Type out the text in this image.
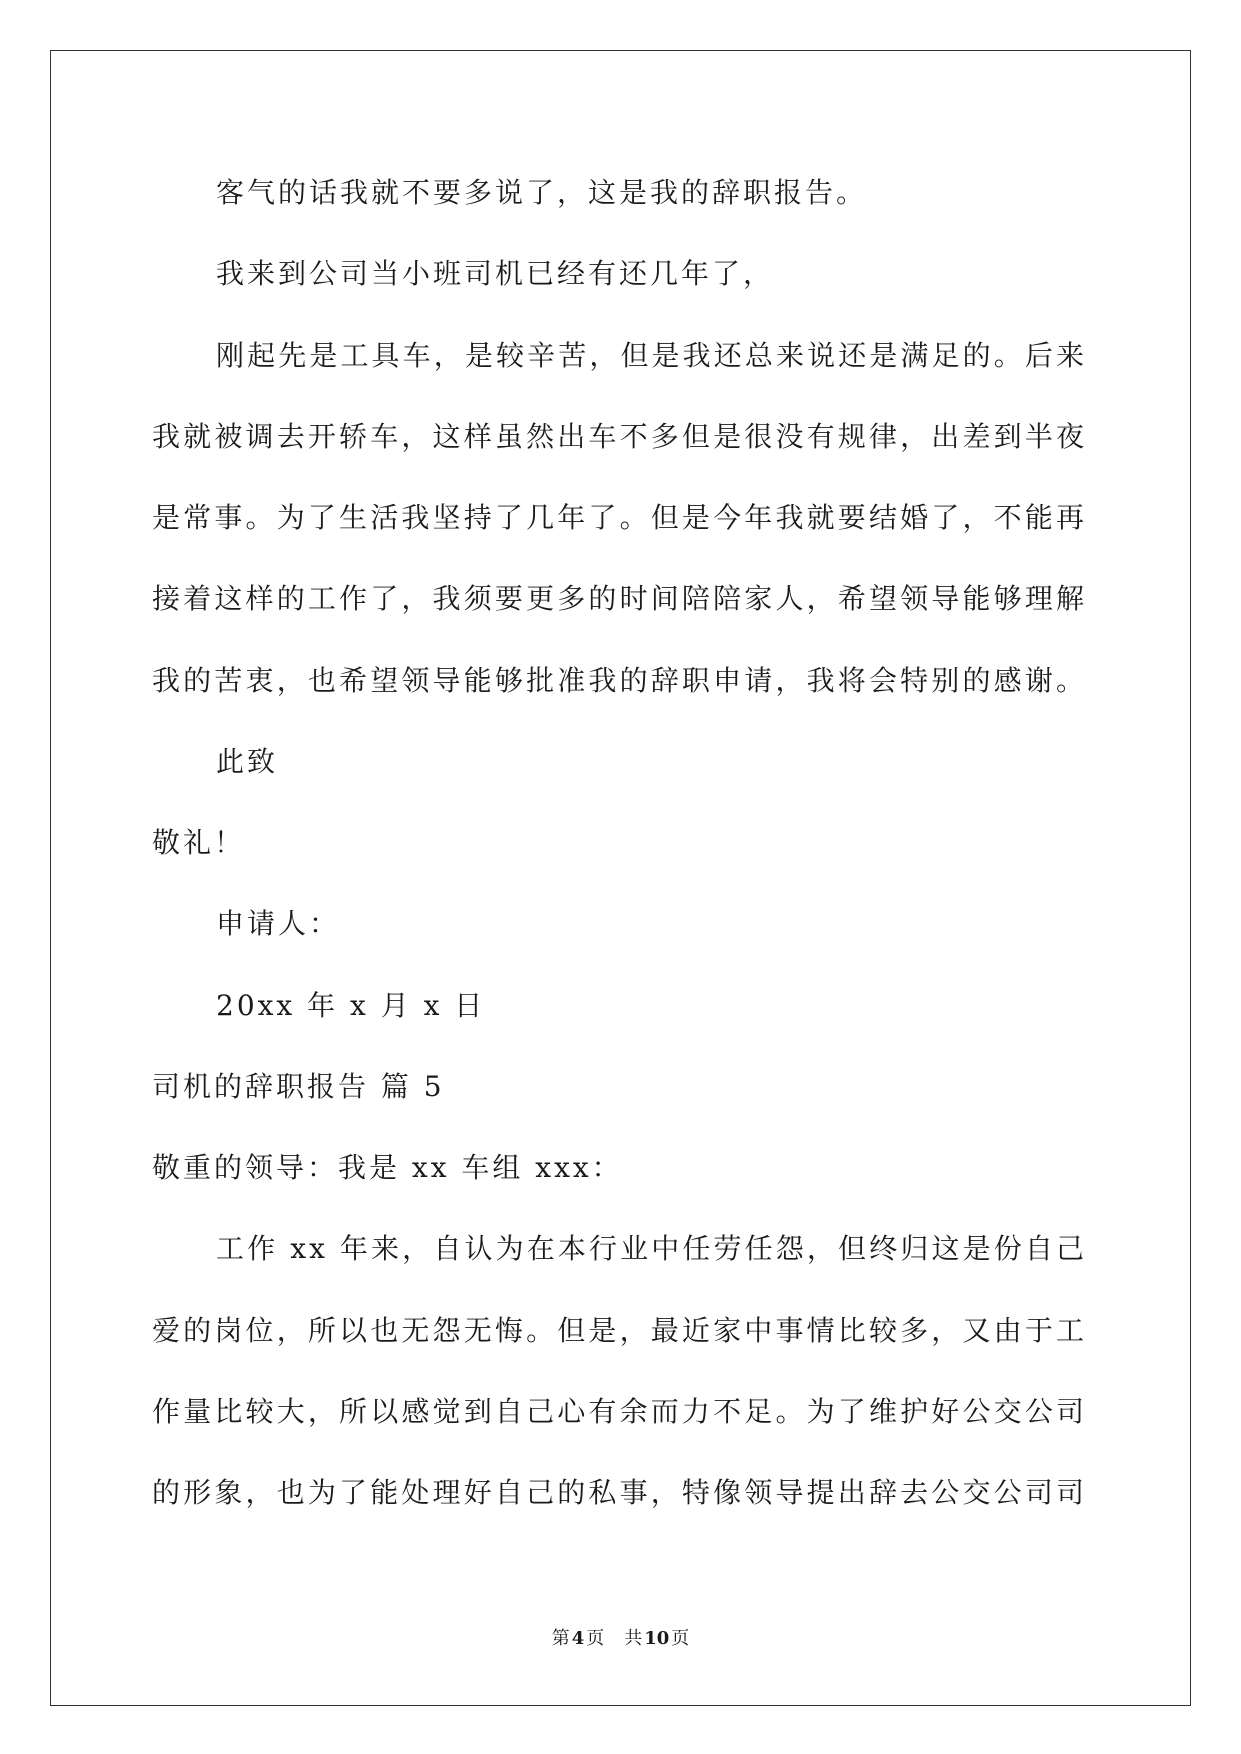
客气的话我就不要多说了，这是我的辞职报告。
我来到公司当小班司机已经有还几年了，
刚起先是工具车，是较辛苦，但是我还总来说还是满足的。后来
我就被调去开轿车，这样虽然出车不多但是很没有规律，出差到半夜
是常事。为了生活我坚持了几年了。但是今年我就要结婚了，不能再
接着这样的工作了，我须要更多的时间陪陪家人，希望领导能够理解
我的苦衷，也希望领导能够批准我的辞职申请，我将会特别的感谢。
此致
敬礼！
申请人：
20xx 年 x 月 x 日
司机的辞职报告 篇 5
敬重的领导：我是 xx 车组 xxx：
工作 xx 年来，自认为在本行业中任劳任怨，但终归这是份自己
爱的岗位，所以也无怨无悔。但是，最近家中事情比较多，又由于工
作量比较大，所以感觉到自己心有余而力不足。为了维护好公交公司
的形象，也为了能处理好自己的私事，特像领导提出辞去公交公司司
第 4 页 共 10 页
